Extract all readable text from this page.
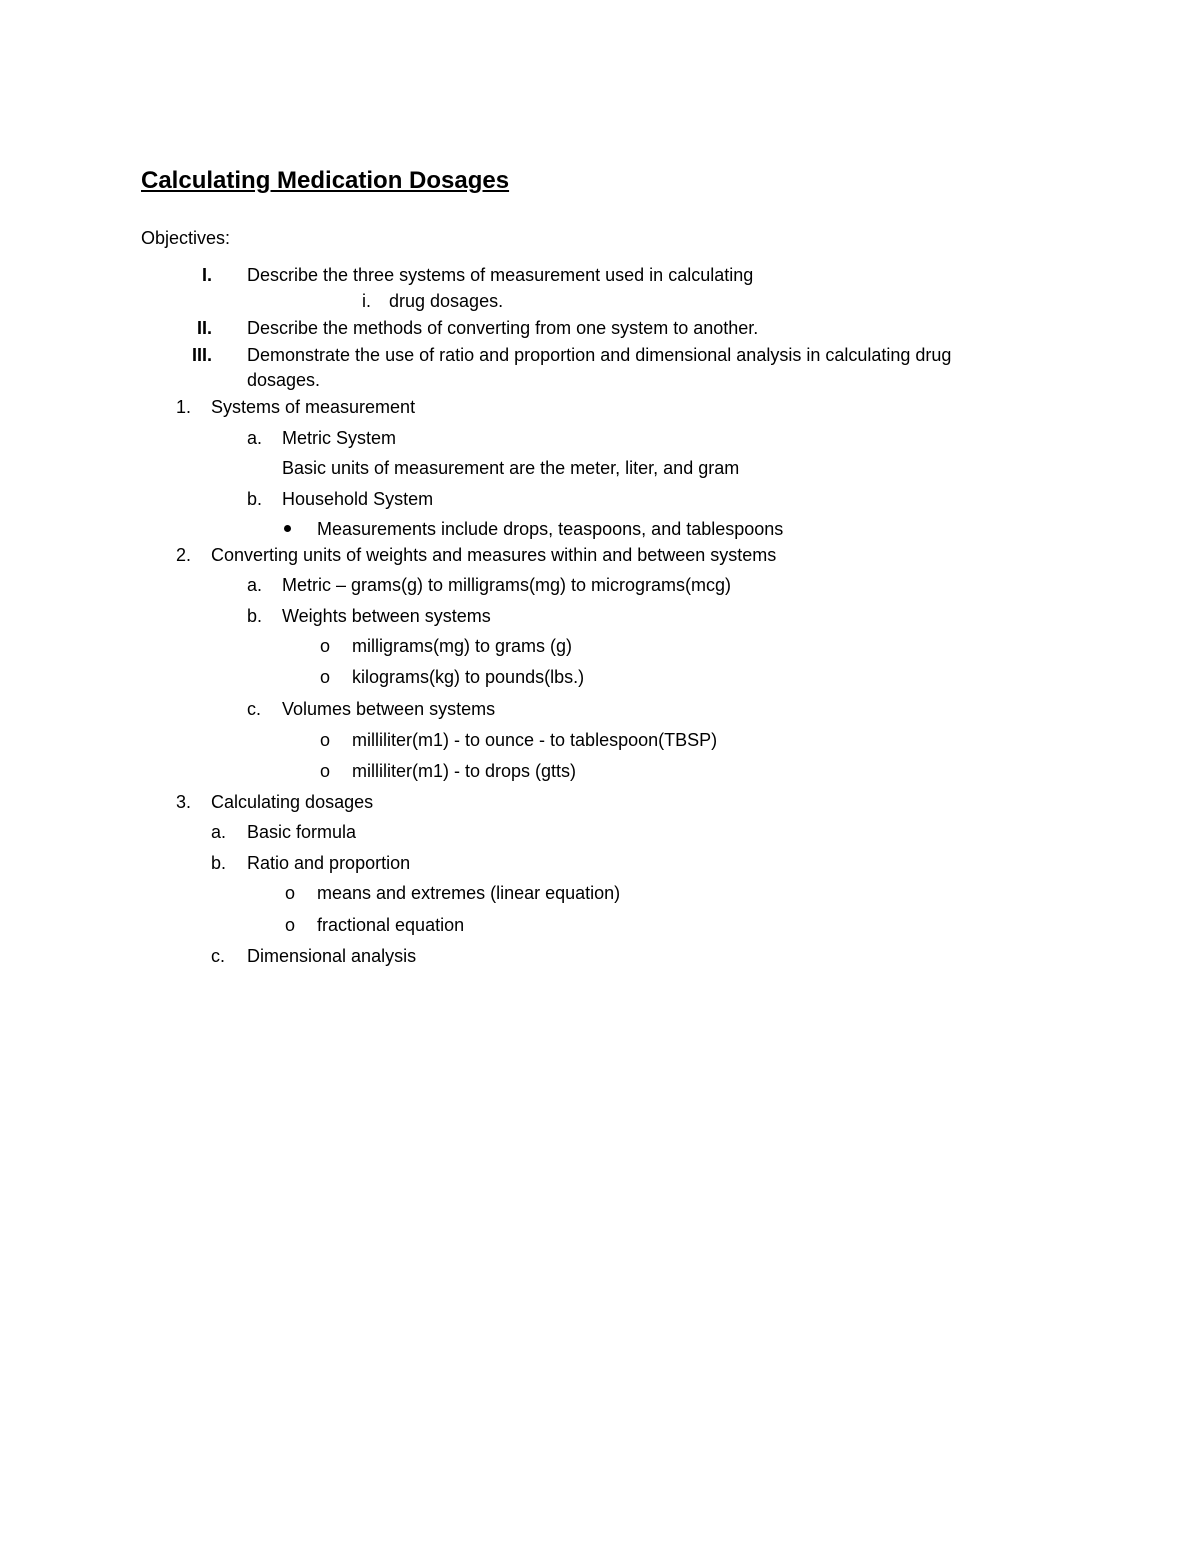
Calculating Medication Dosages
Objectives:
I. Describe the three systems of measurement used in calculating
i. drug dosages.
II. Describe the methods of converting from one system to another.
III. Demonstrate the use of ratio and proportion and dimensional analysis in calculating drug
dosages.
1. Systems of measurement
a. Metric System
Basic units of measurement are the meter, liter, and gram
b. Household System
Measurements include drops, teaspoons, and tablespoons
2. Converting units of weights and measures within and between systems
a. Metric – grams(g) to milligrams(mg) to micrograms(mcg)
b. Weights between systems
o milligrams(mg) to grams (g)
o kilograms(kg) to pounds(lbs.)
c. Volumes between systems
o milliliter(m1) - to ounce - to tablespoon(TBSP)
o milliliter(m1) - to drops (gtts)
3. Calculating dosages
a. Basic formula
b. Ratio and proportion
o means and extremes (linear equation)
o fractional equation
c. Dimensional analysis
